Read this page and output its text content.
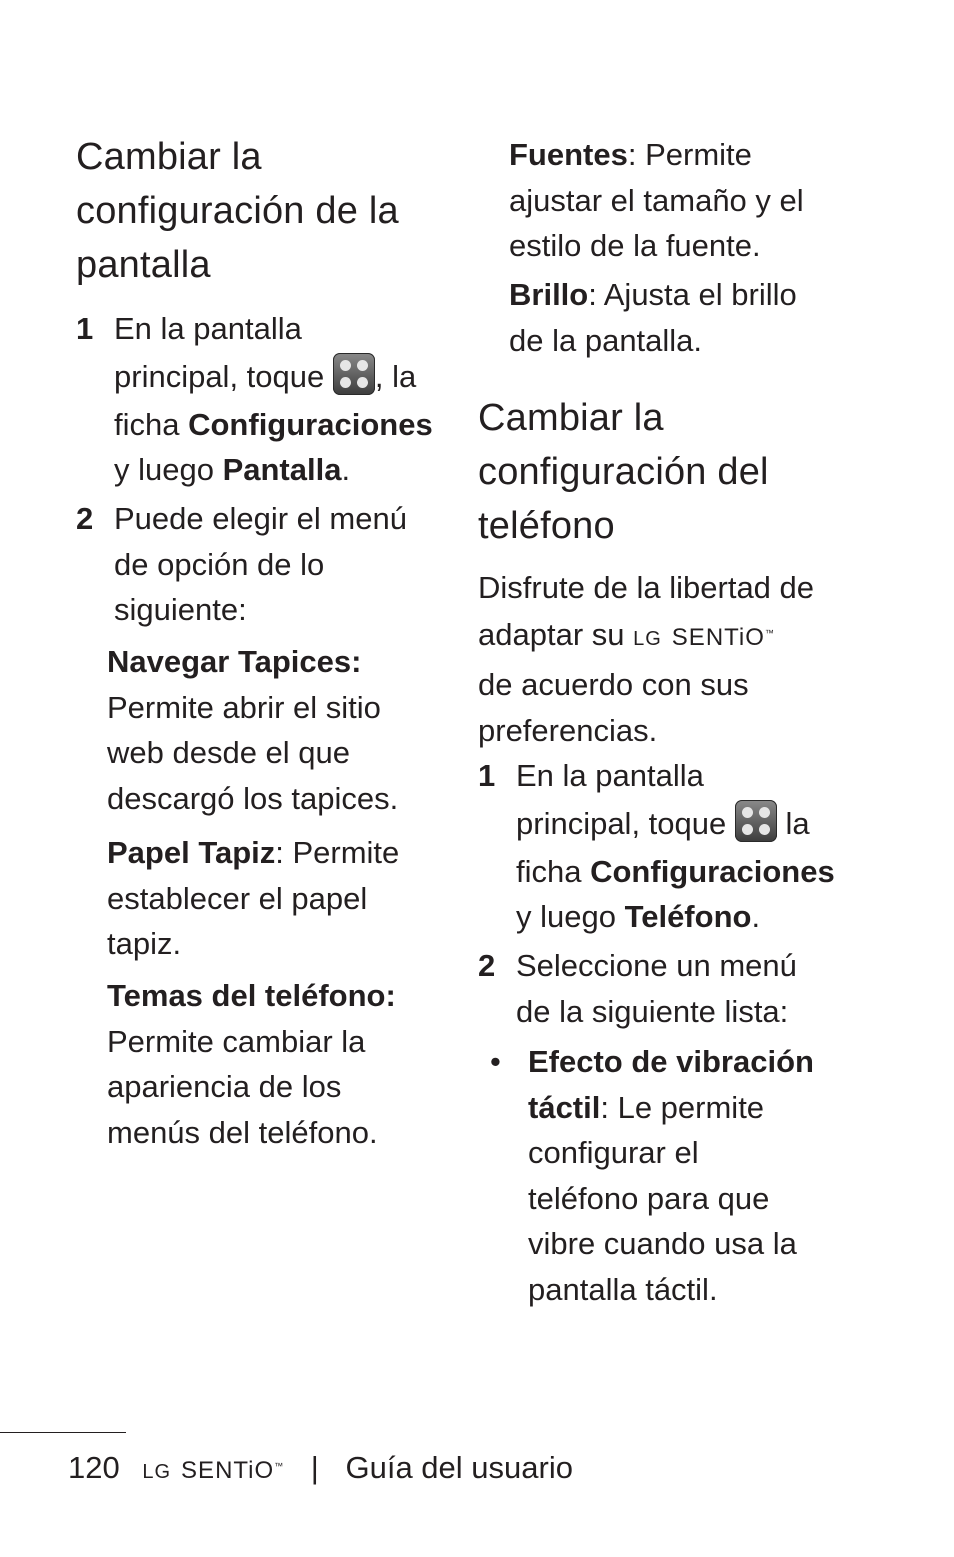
Cambiar la
configuración de la
pantalla
1 En la pantalla
principal, toque
, la
ficha Configuraciones
y luego Pantalla.
2 Puede elegir el menú
de opción de lo
siguiente:
Navegar Tapices:
Permite abrir el sitio
web desde el que
descargó los tapices.
Papel Tapiz: Permite
establecer el papel
tapiz.
Temas del teléfono:
Permite cambiar la
apariencia de los
menús del teléfono.
Fuentes: Permite
ajustar el tamaño y el
estilo de la fuente.
Brillo: Ajusta el brillo
de la pantalla.
Cambiar la
configuración del
teléfono
Disfrute de la libertad de
adaptar su LG SENTiO™
de acuerdo con sus
preferencias.
1 En la pantalla
principal, toque
la
ficha Configuraciones
y luego Teléfono.
2 Seleccione un menú
de la siguiente lista:
• Efecto de vibración
táctil: Le permite
configurar el
teléfono para que
vibre cuando usa la
pantalla táctil.
120 LG SENTiO™ | Guía del usuario
